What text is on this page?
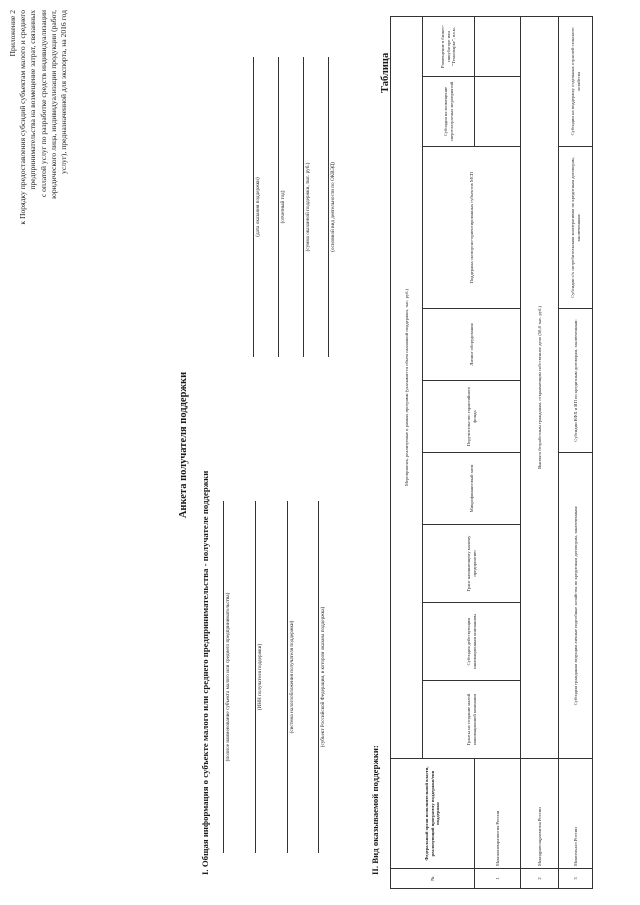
Приложение 2 к Порядку предоставления субсидий субъектам малого и среднего предпринимательства на возмещение затрат, связанных с оплатой услуг по разработке средств индивидуализации юридического лица, индивидуализации продукции (работ, услуг), предназначенной для экспорта, на 2016 год
Анкета получателя поддержки
I. Общая информация о субъекте малого или среднего предпринимательства - получателе поддержки	(полное наименование субъекта малого или среднего предпринимательства)	(ИНН получателя поддержки)	(система налогообложения получателя поддержки)	(субъект Российской Федерации, в котором оказана поддержка)
(дата оказания поддержки)	(отчетный год)	(сумма оказанной поддержки, тыс. руб.)	(основной вид деятельности по ОКВЭД)
Таблица
II. Вид оказываемой поддержки:
№	Федеральный орган исполнительной власти, реализующий программу поддержки/тип поддержки	Мероприятия, реализуемые в рамках программ (указывается объем оказанной поддержки, тыс. руб.)								
		Гранты на создание малой инновационной компании	Субсидия действующим инновационным компаниям	Грант начинающему малому предприятию	Микрофинансовый заем	Поручительство гарантийного фонда	Лизинг оборудования	Поддержка экспортно-ориентированных субъектов МСП	Субсидия на возмещение энергозатратных мероприятий	Размещение в бизнес-инкубаторе или "Технопарке", пл.м.
1	Минэкономразвития России									
2	Минздравсоцразвития России	Выплата безработным гражданам, открывающим собственное дело (58,8 тыс. руб.)								
3	Минсельхоз России	Субсидии гражданам ведущим личные подсобные хозяйства по кредитным договорам, заключенным:				Субсидии КФХ и ИП по кредитным договорам, заключенным:		Субсидии с/х потребительским кооперативам по кредитным договорам, заключенным:	Субсидии на поддержку отдельных отраслей сельского хозяйства	
